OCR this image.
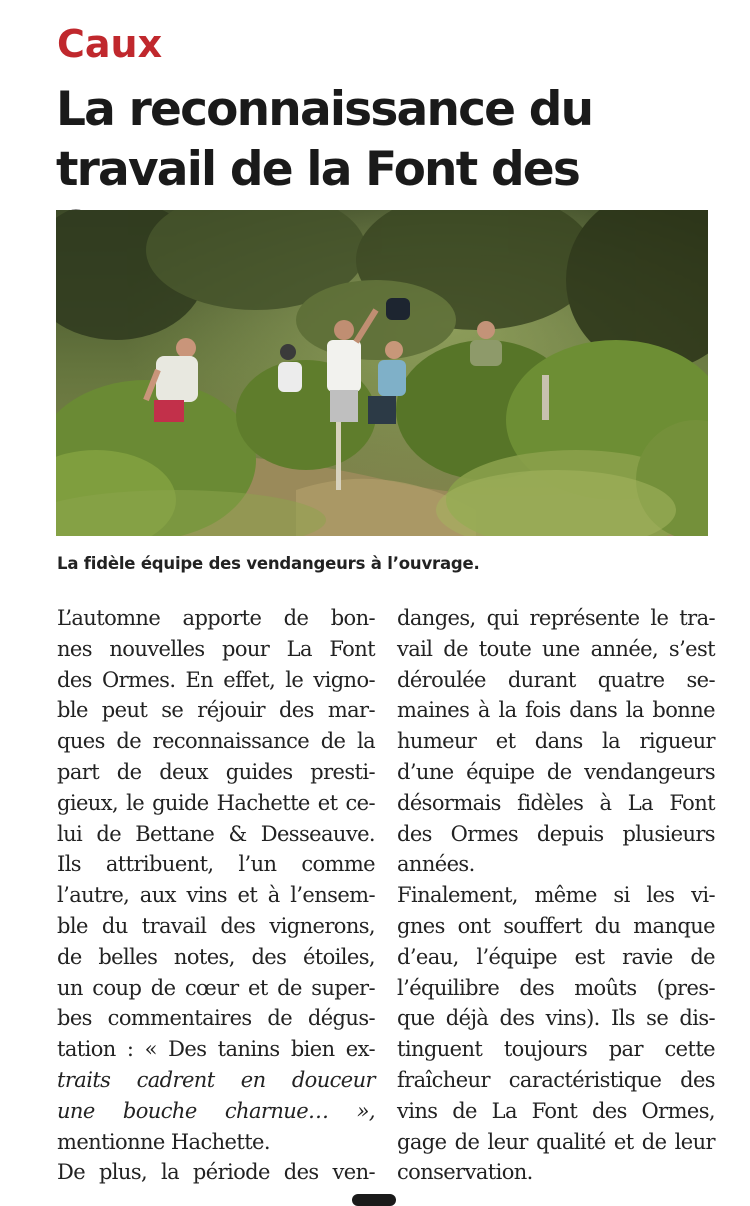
Caux
La reconnaissance du
travail de la Font des
La fidèle équipe des vendangeurs à l’ouvrage.
L’automne apporte de bon-
nes nouvelles pour La Font
des Ormes. En effet, le vigno-
ble peut se réjouir des mar-
ques de reconnaissance de la
part de deux guides presti-
gieux, le guide Hachette et ce-
lui de Bettane & Desseauve.
Ils attribuent, l’un comme
l’autre, aux vins et à l’ensem-
ble du travail des vignerons,
de belles notes, des étoiles,
un coup de cœur et de super-
bes commentaires de dégus-
tation : « Des tanins bien ex-
traits cadrent en douceur
une bouche charnue… »,
mentionne Hachette.
De plus, la période des ven-
danges, qui représente le tra-
vail de toute une année, s’est
déroulée durant quatre se-
maines à la fois dans la bonne
humeur et dans la rigueur
d’une équipe de vendangeurs
désormais fidèles à La Font
des Ormes depuis plusieurs
années.
Finalement, même si les vi-
gnes ont souffert du manque
d’eau, l’équipe est ravie de
l’équilibre des moûts (pres-
que déjà des vins). Ils se dis-
tinguent toujours par cette
fraîcheur caractéristique des
vins de La Font des Ormes,
gage de leur qualité et de leur
conservation.
